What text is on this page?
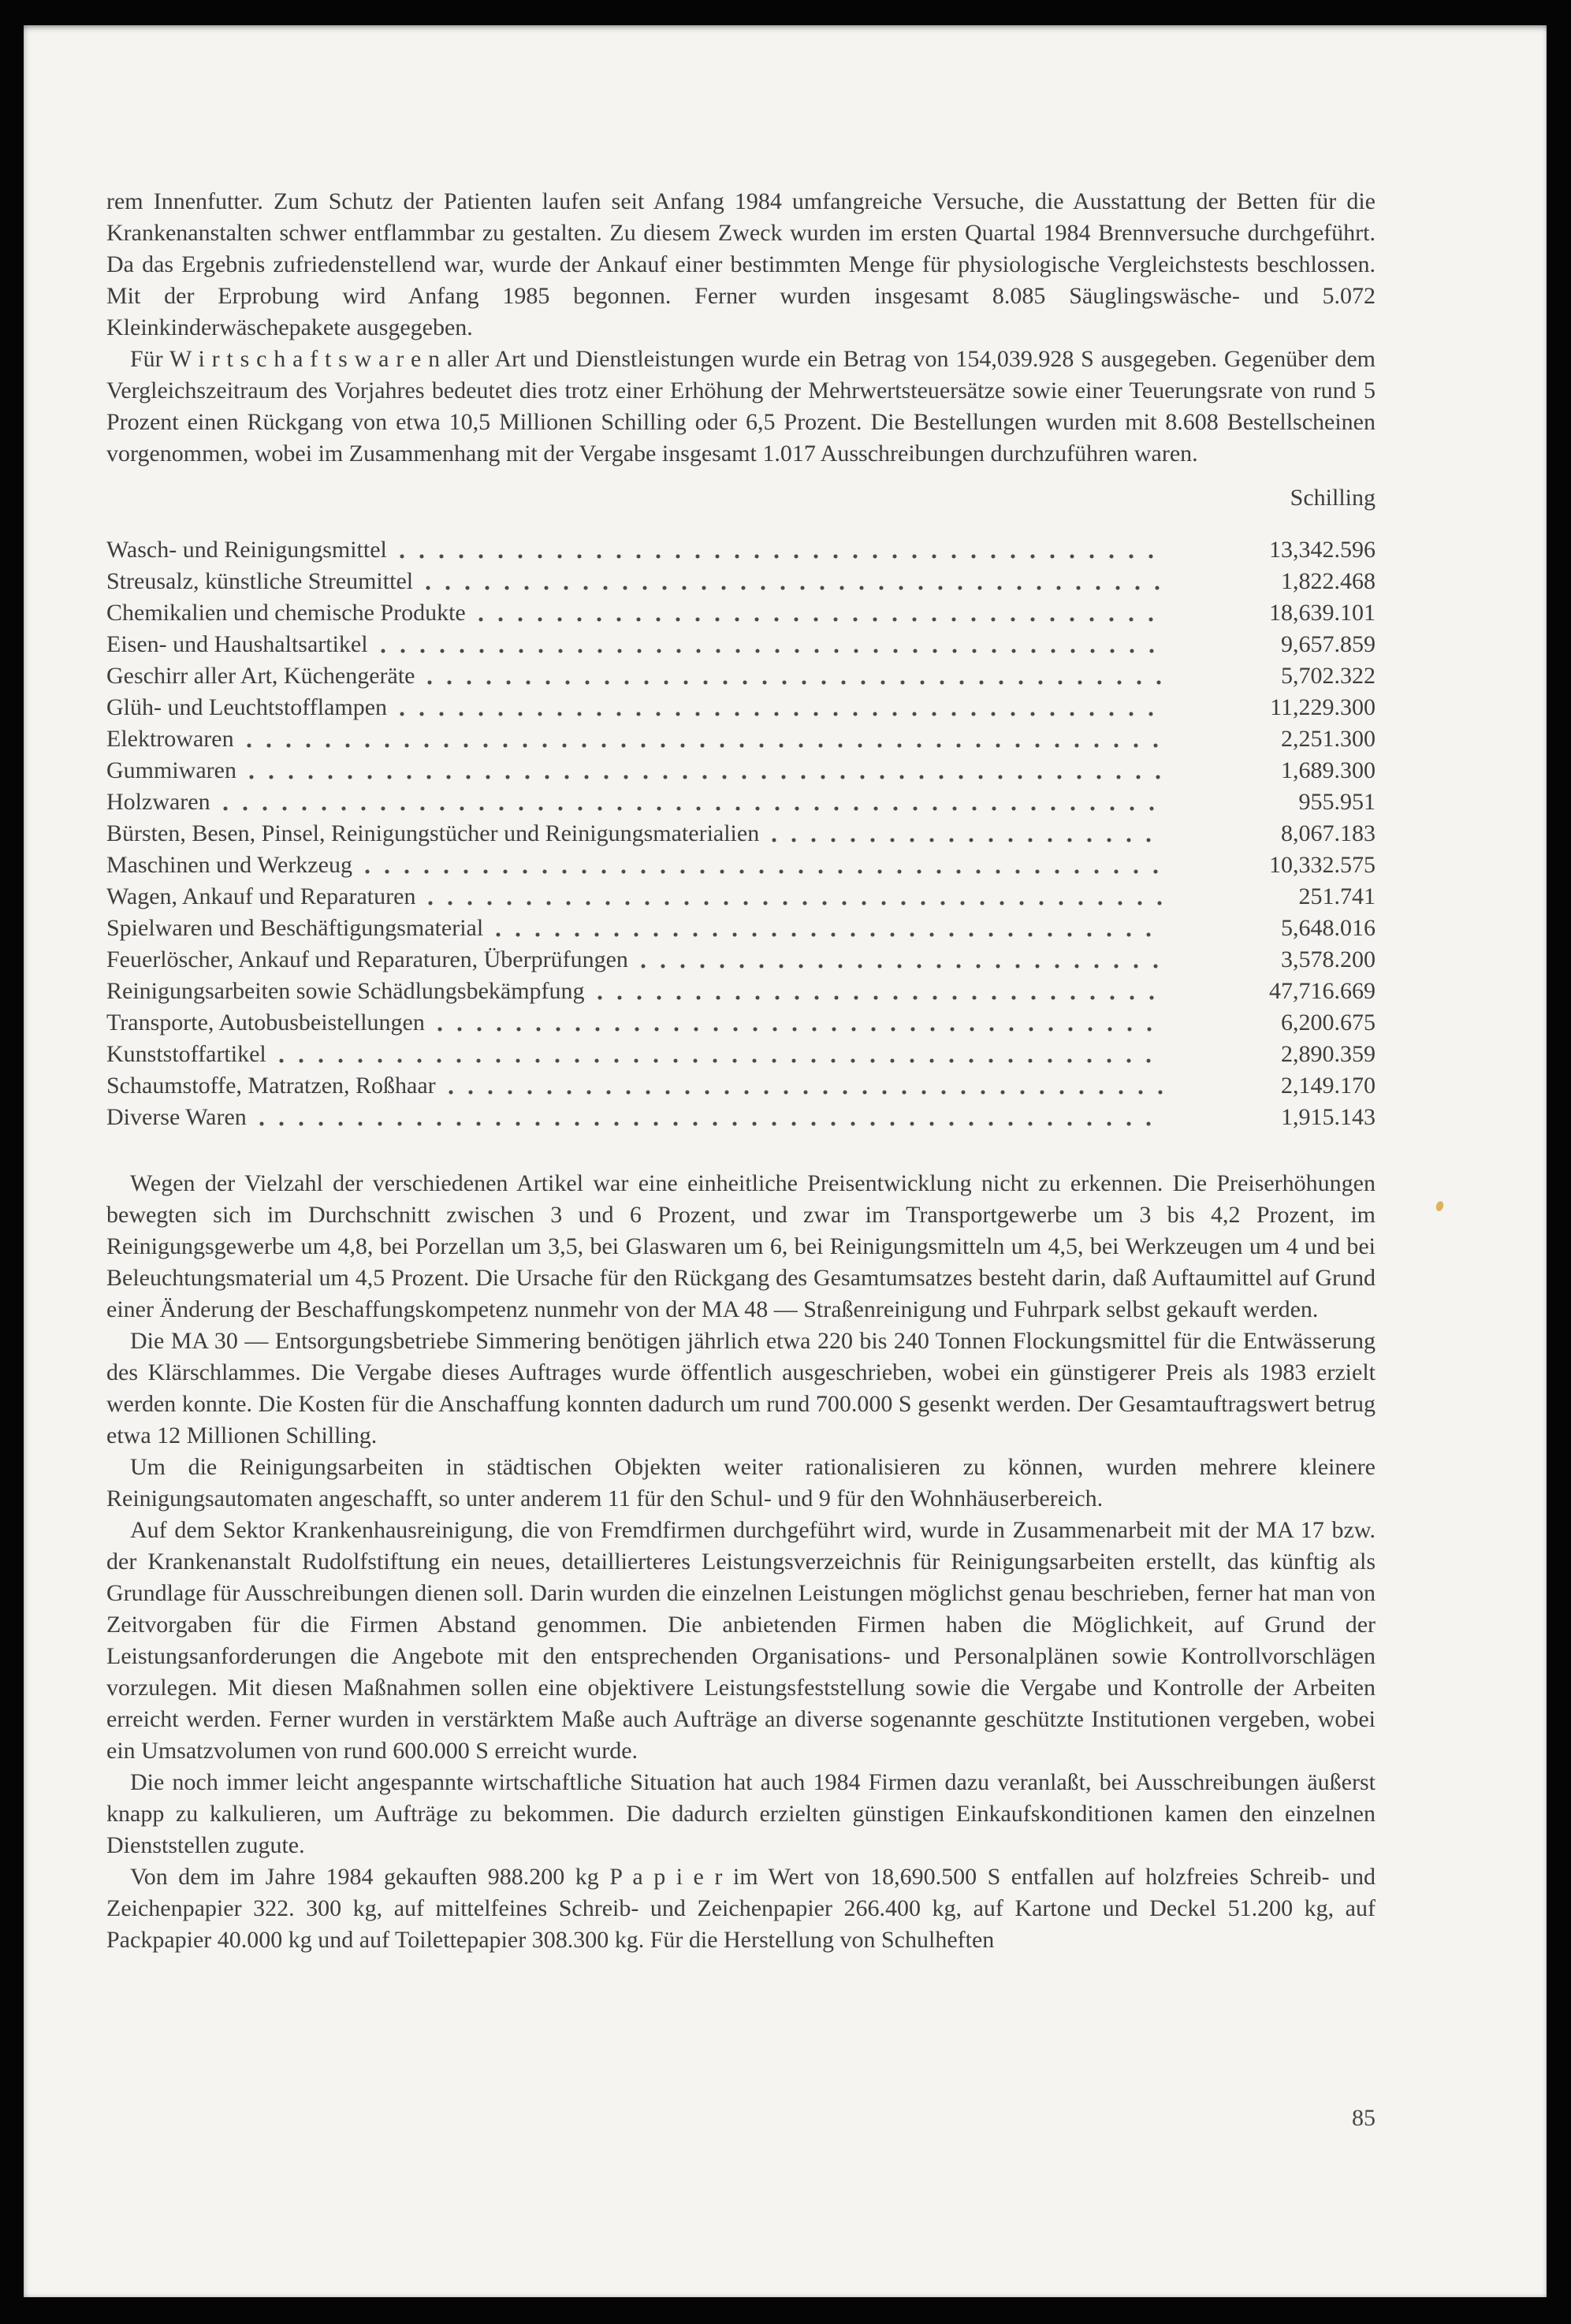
rem Innenfutter. Zum Schutz der Patienten laufen seit Anfang 1984 umfangreiche Versuche, die Ausstattung der Betten für die Krankenanstalten schwer entflammbar zu gestalten. Zu diesem Zweck wurden im ersten Quartal 1984 Brennversuche durchgeführt. Da das Ergebnis zufriedenstellend war, wurde der Ankauf einer bestimmten Menge für physiologische Vergleichstests beschlossen. Mit der Erprobung wird Anfang 1985 begonnen. Ferner wurden insgesamt 8.085 Säuglingswäsche- und 5.072 Kleinkinderwäschepakete ausgegeben.

Für W i r t s c h a f t s w a r e n aller Art und Dienstleistungen wurde ein Betrag von 154,039.928 S ausgegeben. Gegenüber dem Vergleichszeitraum des Vorjahres bedeutet dies trotz einer Erhöhung der Mehrwertsteuersätze sowie einer Teuerungsrate von rund 5 Prozent einen Rückgang von etwa 10,5 Millionen Schilling oder 6,5 Prozent. Die Bestellungen wurden mit 8.608 Bestellscheinen vorgenommen, wobei im Zusammenhang mit der Vergabe insgesamt 1.017 Ausschreibungen durchzuführen waren.

Schilling
Wasch- und Reinigungsmittel	13,342.596
Streusalz, künstliche Streumittel	1,822.468
Chemikalien und chemische Produkte	18,639.101
Eisen- und Haushaltsartikel	9,657.859
Geschirr aller Art, Küchengeräte	5,702.322
Glüh- und Leuchtstofflampen	11,229.300
Elektrowaren	2,251.300
Gummiwaren	1,689.300
Holzwaren	955.951
Bürsten, Besen, Pinsel, Reinigungstücher und Reinigungsmaterialien	8,067.183
Maschinen und Werkzeug	10,332.575
Wagen, Ankauf und Reparaturen	251.741
Spielwaren und Beschäftigungsmaterial	5,648.016
Feuerlöscher, Ankauf und Reparaturen, Überprüfungen	3,578.200
Reinigungsarbeiten sowie Schädlungsbekämpfung	47,716.669
Transporte, Autobusbeistellungen	6,200.675
Kunststoffartikel	2,890.359
Schaumstoffe, Matratzen, Roßhaar	2,149.170
Diverse Waren	1,915.143

Wegen der Vielzahl der verschiedenen Artikel war eine einheitliche Preisentwicklung nicht zu erkennen. Die Preiserhöhungen bewegten sich im Durchschnitt zwischen 3 und 6 Prozent, und zwar im Transportgewerbe um 3 bis 4,2 Prozent, im Reinigungsgewerbe um 4,8, bei Porzellan um 3,5, bei Glaswaren um 6, bei Reinigungsmitteln um 4,5, bei Werkzeugen um 4 und bei Beleuchtungsmaterial um 4,5 Prozent. Die Ursache für den Rückgang des Gesamtumsatzes besteht darin, daß Auftaumittel auf Grund einer Änderung der Beschaffungskompetenz nunmehr von der MA 48 — Straßenreinigung und Fuhrpark selbst gekauft werden.

Die MA 30 — Entsorgungsbetriebe Simmering benötigen jährlich etwa 220 bis 240 Tonnen Flockungsmittel für die Entwässerung des Klärschlammes. Die Vergabe dieses Auftrages wurde öffentlich ausgeschrieben, wobei ein günstigerer Preis als 1983 erzielt werden konnte. Die Kosten für die Anschaffung konnten dadurch um rund 700.000 S gesenkt werden. Der Gesamtauftragswert betrug etwa 12 Millionen Schilling.

Um die Reinigungsarbeiten in städtischen Objekten weiter rationalisieren zu können, wurden mehrere kleinere Reinigungsautomaten angeschafft, so unter anderem 11 für den Schul- und 9 für den Wohnhäuserbereich.

Auf dem Sektor Krankenhausreinigung, die von Fremdfirmen durchgeführt wird, wurde in Zusammenarbeit mit der MA 17 bzw. der Krankenanstalt Rudolfstiftung ein neues, detaillierteres Leistungsverzeichnis für Reinigungsarbeiten erstellt, das künftig als Grundlage für Ausschreibungen dienen soll. Darin wurden die einzelnen Leistungen möglichst genau beschrieben, ferner hat man von Zeitvorgaben für die Firmen Abstand genommen. Die anbietenden Firmen haben die Möglichkeit, auf Grund der Leistungsanforderungen die Angebote mit den entsprechenden Organisations- und Personalplänen sowie Kontrollvorschlägen vorzulegen. Mit diesen Maßnahmen sollen eine objektivere Leistungsfeststellung sowie die Vergabe und Kontrolle der Arbeiten erreicht werden. Ferner wurden in verstärktem Maße auch Aufträge an diverse sogenannte geschützte Institutionen vergeben, wobei ein Umsatzvolumen von rund 600.000 S erreicht wurde.

Die noch immer leicht angespannte wirtschaftliche Situation hat auch 1984 Firmen dazu veranlaßt, bei Ausschreibungen äußerst knapp zu kalkulieren, um Aufträge zu bekommen. Die dadurch erzielten günstigen Einkaufskonditionen kamen den einzelnen Dienststellen zugute.

Von dem im Jahre 1984 gekauften 988.200 kg P a p i e r im Wert von 18,690.500 S entfallen auf holzfreies Schreib- und Zeichenpapier 322. 300 kg, auf mittelfeines Schreib- und Zeichenpapier 266.400 kg, auf Kartone und Deckel 51.200 kg, auf Packpapier 40.000 kg und auf Toilettepapier 308.300 kg. Für die Herstellung von Schulheften

85
